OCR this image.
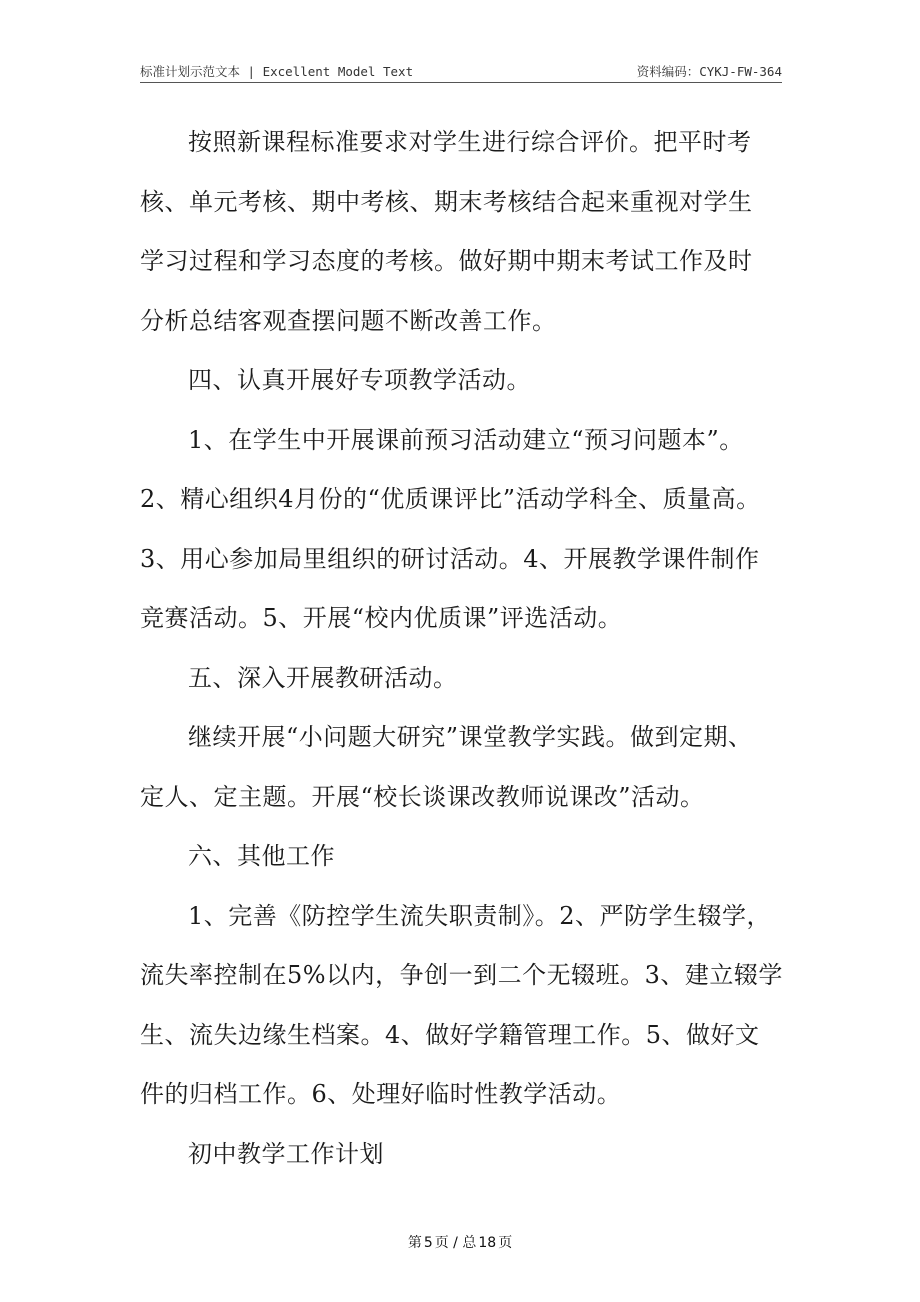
标准计划示范文本 | Excellent Model Text	资料编码：CYKJ-FW-364
按照新课程标准要求对学生进行综合评价。把平时考
核、单元考核、期中考核、期末考核结合起来重视对学生
学习过程和学习态度的考核。做好期中期末考试工作及时
分析总结客观查摆问题不断改善工作。
四、认真开展好专项教学活动。
1、在学生中开展课前预习活动建立“预习问题本”。
2、精心组织4月份的“优质课评比”活动学科全、质量高。
3、用心参加局里组织的研讨活动。4、开展教学课件制作
竞赛活动。5、开展“校内优质课”评选活动。
五、深入开展教研活动。
继续开展“小问题大研究”课堂教学实践。做到定期、
定人、定主题。开展“校长谈课改教师说课改”活动。
六、其他工作
1、完善《防控学生流失职责制》。2、严防学生辍学，
流失率控制在5%以内，争创一到二个无辍班。3、建立辍学
生、流失边缘生档案。4、做好学籍管理工作。5、做好文
件的归档工作。6、处理好临时性教学活动。
初中教学工作计划
第 5 页 / 总 18 页
